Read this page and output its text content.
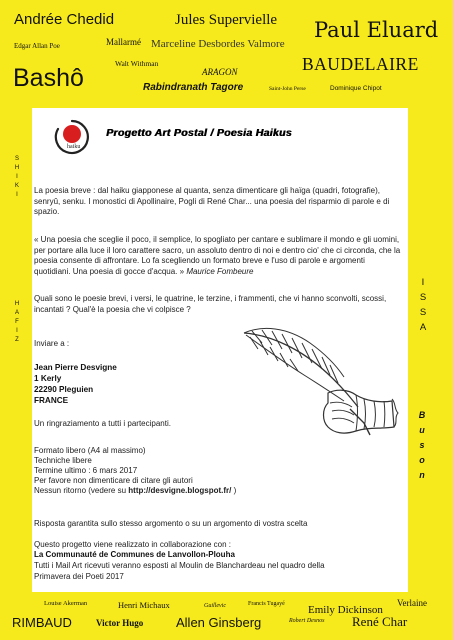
Andrée Chedid	Jules Supervielle Paul Eluard
Edgar Allan Poe	Mallarmé Marceline Desbordes Valmore
Walt Withman
Bashô	ARAGON	BAUDELAIRE
Rabindranath Tagore	Saint-John Perse	Dominique Chipot
S
H
I
K
I
H
A
F
I
Z
I
S
S
A
B
u
s
o
n
haiku
Progetto Art Postal / Poesia Haikus
La poesia breve : dal haiku giapponese al quanta, senza dimenticare gli haïga (quadri, fotografie), senryû, senku. I monostici di Apollinaire, Pogli di René Char... una poesia del risparmio di parole e di spazio.
« Una poesia che sceglie il poco, il semplice, lo spogliato per cantare e sublimare il mondo e gli uomini, per portare alla luce il loro carattere sacro, un assoluto dentro di noi e dentro cio' che ci circonda, che la poesia consente di affrontare. Lo fa scegliendo un formato breve e l'uso di parole e argomenti quotidiani. Una poesia di gocce d'acqua. » Maurice Fombeure
Quali sono le poesie brevi, i versi, le quatrine, le terzine, i frammenti, che vi hanno sconvolti, scossi, incantati ? Qual'è la poesia che vi colpisce ?
Inviare a :
Jean Pierre Desvigne
1 Kerly
22290 Pleguien
FRANCE
Un ringraziamento a tutti i partecipanti.
Formato libero (A4 al massimo)
Techniche libere
Termine ultimo : 6 mars 2017
Per favore non dimenticare di citare gli autori
Nessun ritorno (vedere su http://desvigne.blogspot.fr/ )
Risposta garantita sullo stesso argomento o su un argomento di vostra scelta
Questo progetto viene realizzato in collaborazione con :
La Communauté de Communes de Lanvollon-Plouha
Tutti i Mail Art ricevuti veranno esposti al Moulin de Blanchardeau nel quadro della Primavera dei Poeti 2017
Louise Akerman	Henri Michaux	Guillevic	Francis Tugayé Emily Dickinson
Verlaine
RIMBAUD	Victor Hugo	Allen Ginsberg	Robert Desnos René Char
